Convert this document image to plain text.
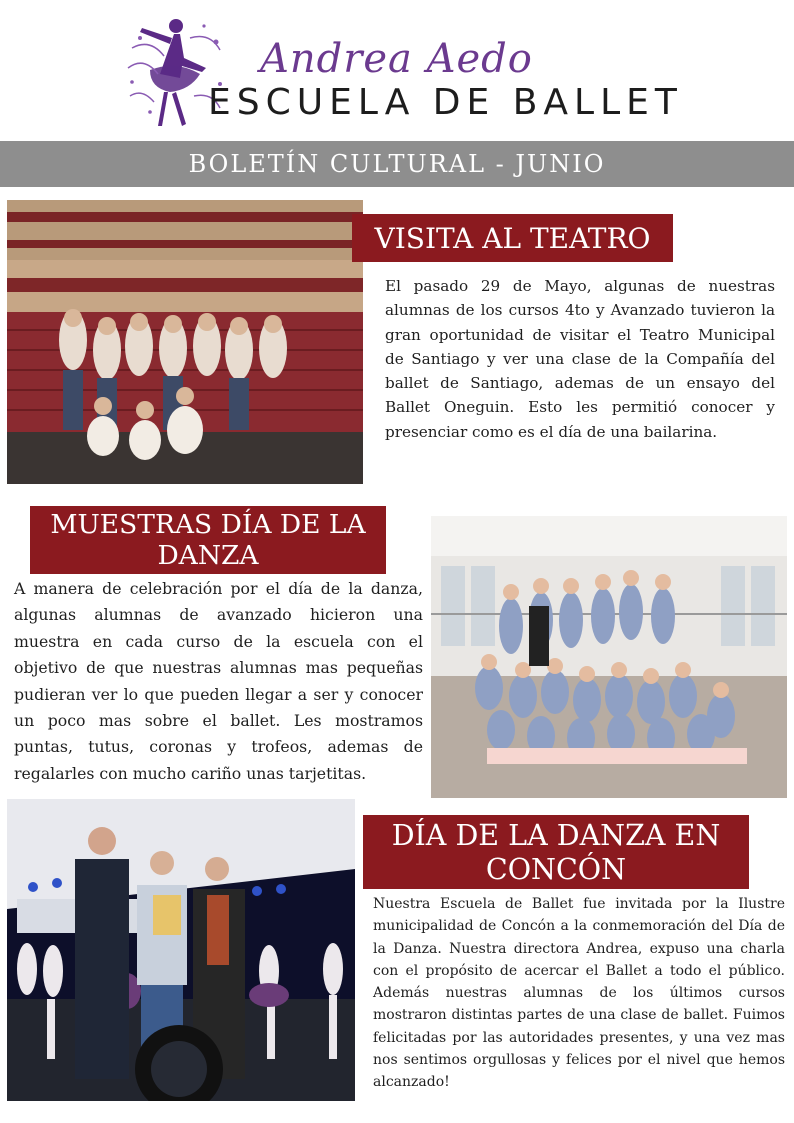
Andrea Aedo
ESCUELA DE BALLET
BOLETÍN CULTURAL - JUNIO
VISITA AL TEATRO
El pasado 29 de Mayo, algunas de nuestras alumnas de los cursos 4to y Avanzado tuvieron la gran oportunidad de visitar el Teatro Municipal de Santiago y ver una clase de la Compañía del ballet de Santiago, ademas de un ensayo del Ballet Oneguin. Esto les permitió conocer y presenciar como es el día de una bailarina.
MUESTRAS DÍA DE LA DANZA
A manera de celebración por el día de la danza, algunas alumnas de avanzado hicieron una muestra en cada curso de la escuela con el objetivo de que nuestras alumnas mas pequeñas pudieran ver lo que pueden llegar a ser y conocer un poco mas sobre el ballet. Les mostramos puntas, tutus, coronas y trofeos, ademas de regalarles con mucho cariño unas tarjetitas.
DÍA DE LA DANZA EN CONCÓN
Nuestra Escuela de Ballet fue invitada por la Ilustre municipalidad de Concón a la conmemoración del Día de la Danza. Nuestra directora Andrea, expuso una charla con el propósito de acercar el Ballet a todo el público. Además nuestras alumnas de los últimos cursos mostraron distintas partes de una clase de ballet. Fuimos felicitadas por las autoridades presentes, y una vez mas nos sentimos orgullosas y felices por el nivel que hemos alcanzado!
